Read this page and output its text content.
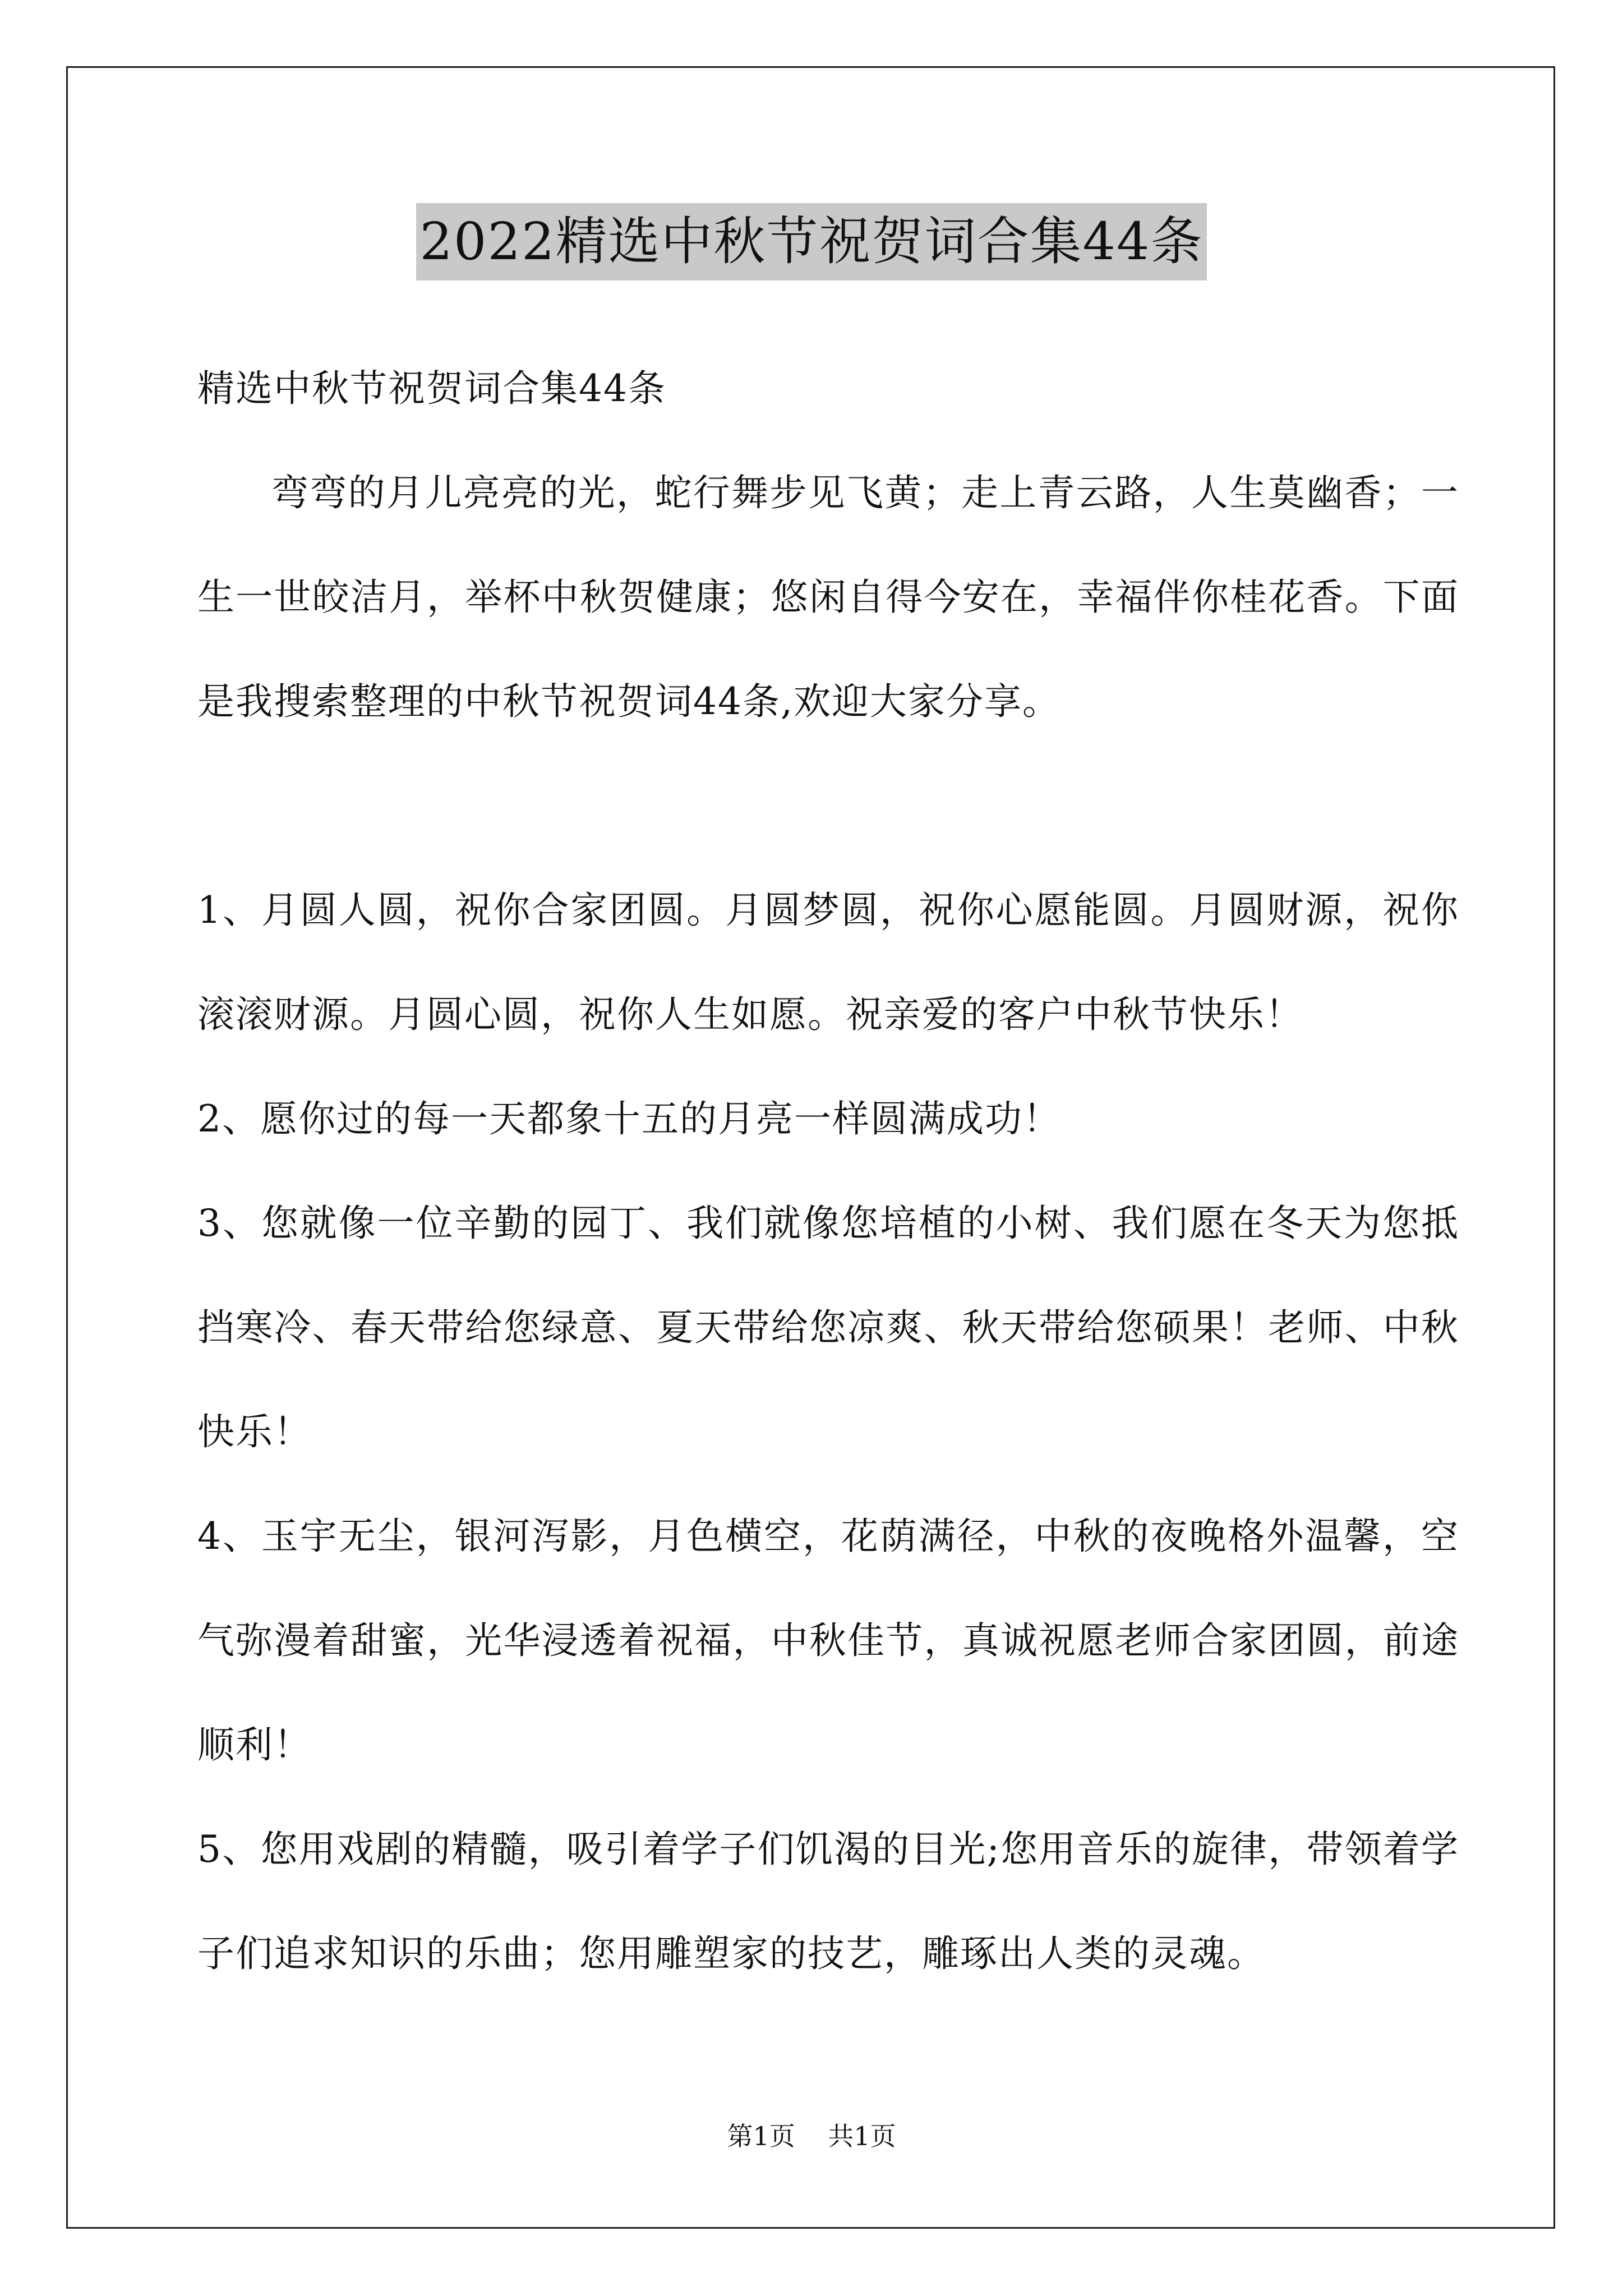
2022精选中秋节祝贺词合集44条

精选中秋节祝贺词合集44条

弯弯的月儿亮亮的光，蛇行舞步见飞黄；走上青云路，人生莫幽香；一生一世皎洁月，举杯中秋贺健康；悠闲自得今安在，幸福伴你桂花香。下面是我搜索整理的中秋节祝贺词44条,欢迎大家分享。

1、月圆人圆，祝你合家团圆。月圆梦圆，祝你心愿能圆。月圆财源，祝你滚滚财源。月圆心圆，祝你人生如愿。祝亲爱的客户中秋节快乐！

2、愿你过的每一天都象十五的月亮一样圆满成功！

3、您就像一位辛勤的园丁、我们就像您培植的小树、我们愿在冬天为您抵挡寒冷、春天带给您绿意、夏天带给您凉爽、秋天带给您硕果！老师、中秋快乐！

4、玉宇无尘，银河泻影，月色横空，花荫满径，中秋的夜晚格外温馨，空气弥漫着甜蜜，光华浸透着祝福，中秋佳节，真诚祝愿老师合家团圆，前途顺利！

5、您用戏剧的精髓，吸引着学子们饥渴的目光;您用音乐的旋律，带领着学子们追求知识的乐曲；您用雕塑家的技艺，雕琢出人类的灵魂。

第1页    共1页
